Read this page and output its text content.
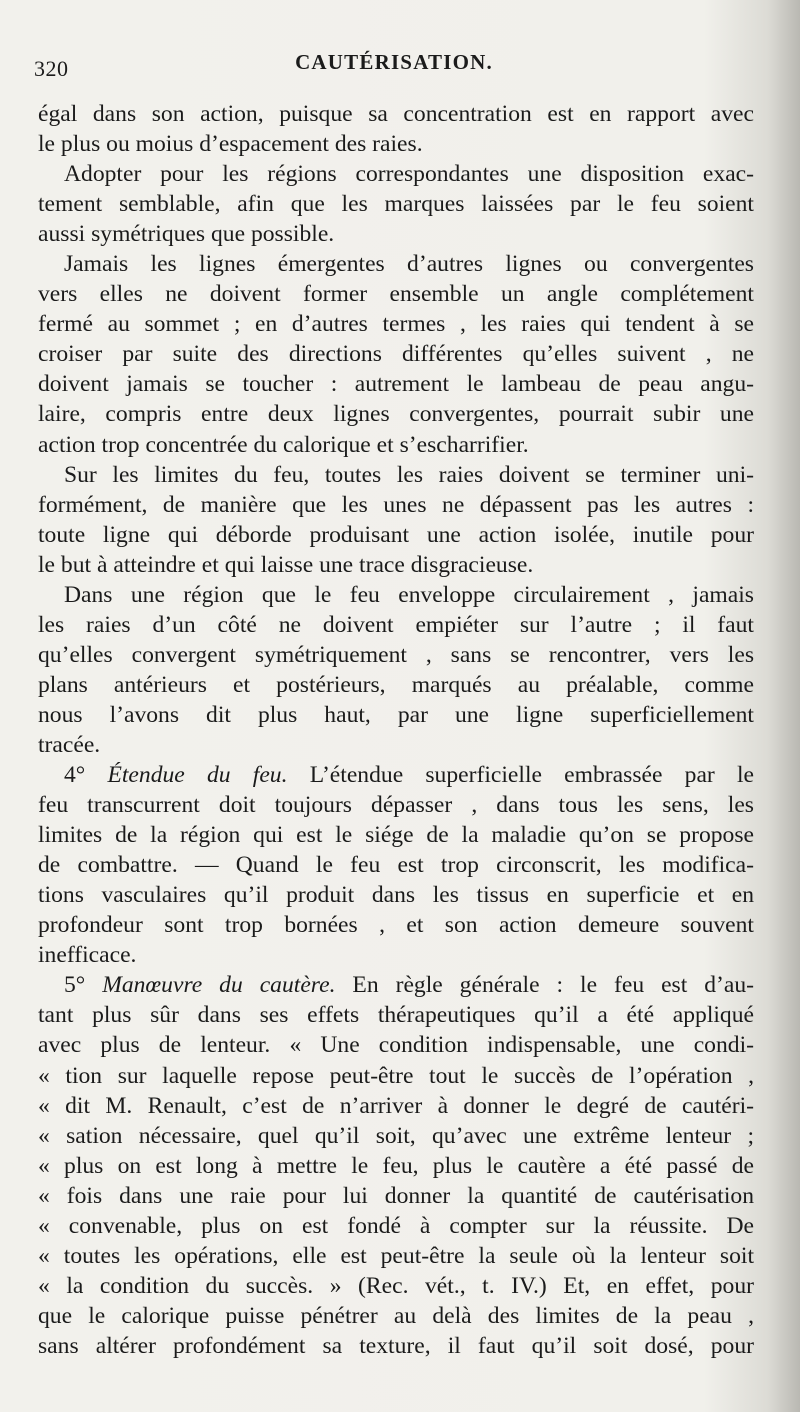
320	CAUTÉRISATION.
égal dans son action, puisque sa concentration est en rapport avec
le plus ou moius d’espacement des raies.
Adopter pour les régions correspondantes une disposition exac-
tement semblable, afin que les marques laissées par le feu soient
aussi symétriques que possible.
Jamais les lignes émergentes d’autres lignes ou convergentes
vers elles ne doivent former ensemble un angle complétement
fermé au sommet ; en d’autres termes , les raies qui tendent à se
croiser par suite des directions différentes qu’elles suivent , ne
doivent jamais se toucher : autrement le lambeau de peau angu-
laire, compris entre deux lignes convergentes, pourrait subir une
action trop concentrée du calorique et s’escharrifier.
Sur les limites du feu, toutes les raies doivent se terminer uni-
formément, de manière que les unes ne dépassent pas les autres :
toute ligne qui déborde produisant une action isolée, inutile pour
le but à atteindre et qui laisse une trace disgracieuse.
Dans une région que le feu enveloppe circulairement , jamais
les raies d’un côté ne doivent empiéter sur l’autre ; il faut
qu’elles convergent symétriquement , sans se rencontrer, vers les
plans antérieurs et postérieurs, marqués au préalable, comme
nous l’avons dit plus haut, par une ligne superficiellement
tracée.
4° Étendue du feu. L’étendue superficielle embrassée par le
feu transcurrent doit toujours dépasser , dans tous les sens, les
limites de la région qui est le siége de la maladie qu’on se propose
de combattre. — Quand le feu est trop circonscrit, les modifica-
tions vasculaires qu’il produit dans les tissus en superficie et en
profondeur sont trop bornées , et son action demeure souvent
inefficace.
5° Manœuvre du cautère. En règle générale : le feu est d’au-
tant plus sûr dans ses effets thérapeutiques qu’il a été appliqué
avec plus de lenteur. « Une condition indispensable, une condi-
« tion sur laquelle repose peut-être tout le succès de l’opération ,
« dit M. Renault, c’est de n’arriver à donner le degré de cautéri-
« sation nécessaire, quel qu’il soit, qu’avec une extrême lenteur ;
« plus on est long à mettre le feu, plus le cautère a été passé de
« fois dans une raie pour lui donner la quantité de cautérisation
« convenable, plus on est fondé à compter sur la réussite. De
« toutes les opérations, elle est peut-être la seule où la lenteur soit
« la condition du succès. » (Rec. vét., t. IV.) Et, en effet, pour
que le calorique puisse pénétrer au delà des limites de la peau ,
sans altérer profondément sa texture, il faut qu’il soit dosé, pour
